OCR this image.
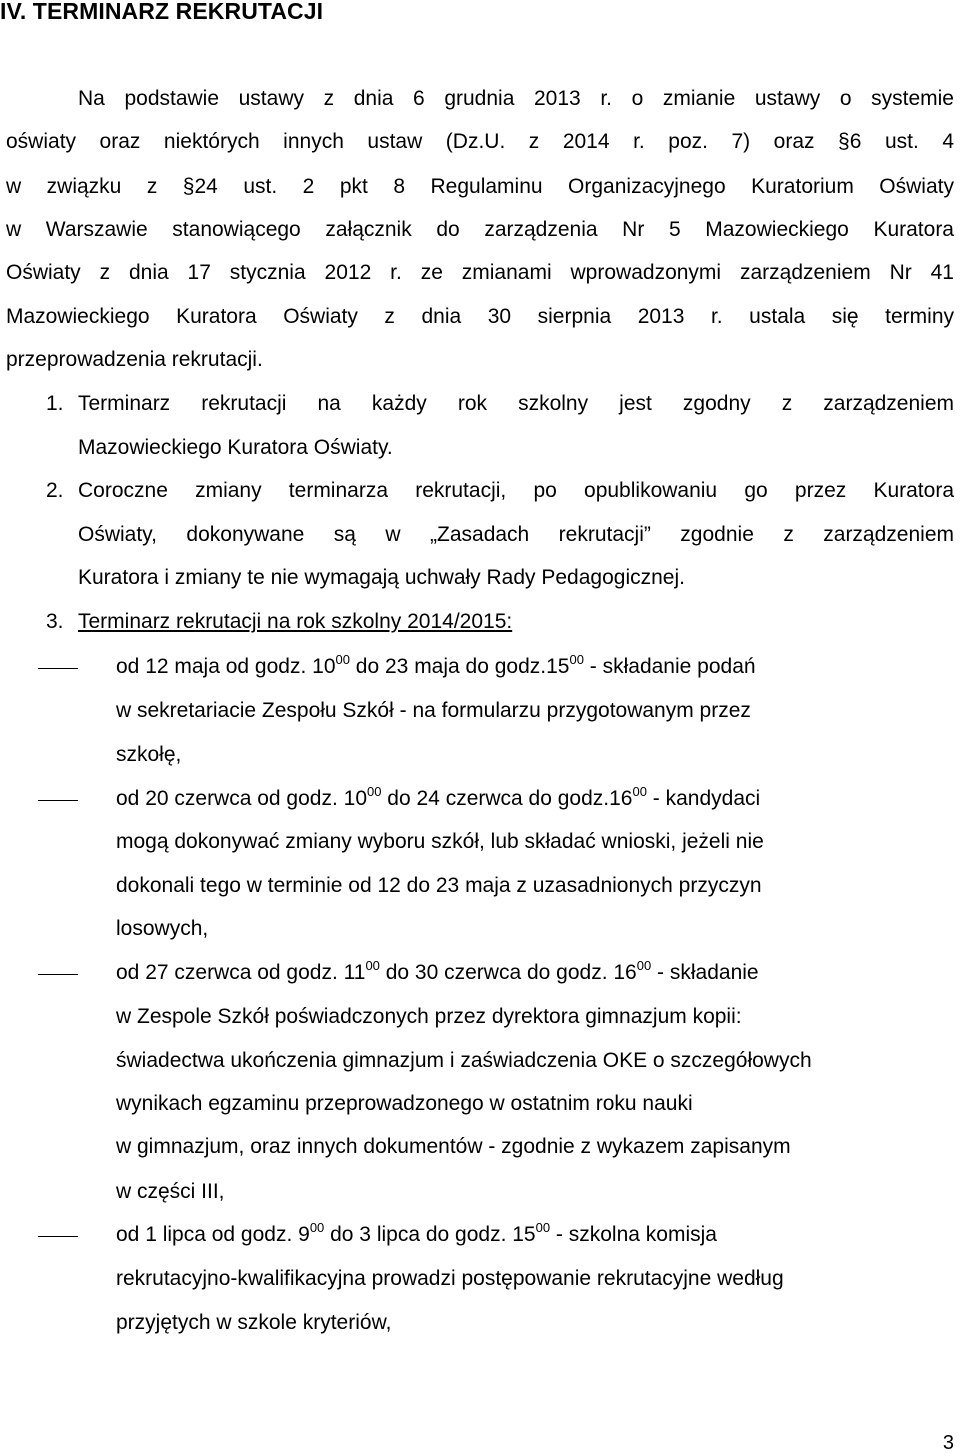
IV. TERMINARZ REKRUTACJI
Na podstawie ustawy z dnia 6 grudnia 2013 r. o zmianie ustawy o systemie
oświaty oraz niektórych innych ustaw (Dz.U. z 2014 r. poz. 7) oraz §6 ust. 4
w związku z §24 ust. 2 pkt 8 Regulaminu Organizacyjnego Kuratorium Oświaty
w Warszawie stanowiącego załącznik do zarządzenia Nr 5 Mazowieckiego Kuratora
Oświaty z dnia 17 stycznia 2012 r. ze zmianami wprowadzonymi zarządzeniem Nr 41
Mazowieckiego Kuratora Oświaty z dnia 30 sierpnia 2013 r. ustala się terminy
przeprowadzenia rekrutacji.
1. Terminarz rekrutacji na każdy rok szkolny jest zgodny z zarządzeniem
Mazowieckiego Kuratora Oświaty.
2. Coroczne zmiany terminarza rekrutacji, po opublikowaniu go przez Kuratora
Oświaty, dokonywane są w „Zasadach rekrutacji” zgodnie z zarządzeniem
Kuratora i zmiany te nie wymagają uchwały Rady Pedagogicznej.
3. Terminarz rekrutacji na rok szkolny 2014/2015:
od 12 maja od godz. $10^{00}$ do 23 maja do $godz.15^{00}$ - składanie podań
w sekretariacie Zespołu Szkół - na formularzu przygotowanym przez
szkołę,
od 20 czerwca od godz. $10^{00}$ do 24 czerwca do $godz.16^{00}$ - kandydaci
mogą dokonywać zmiany wyboru szkół, lub składać wnioski, jeżeli nie
dokonali tego w terminie od 12 do 23 maja z uzasadnionych przyczyn
losowych,
od 27 czerwca od godz. $11^{00}$ do 30 czerwca do godz. $16^{00}$ - składanie
w Zespole Szkół poświadczonych przez dyrektora gimnazjum kopii:
świadectwa ukończenia gimnazjum i zaświadczenia OKE o szczegółowych
wynikach egzaminu przeprowadzonego w ostatnim roku nauki
w gimnazjum, oraz innych dokumentów - zgodnie z wykazem zapisanym
w części III,
od 1 lipca od godz. $9^{00}$ do 3 lipca do godz. $15^{00}$ - szkolna komisja
rekrutacyjno-kwalifikacyjna prowadzi postępowanie rekrutacyjne według
przyjętych w szkole kryteriów,
3
